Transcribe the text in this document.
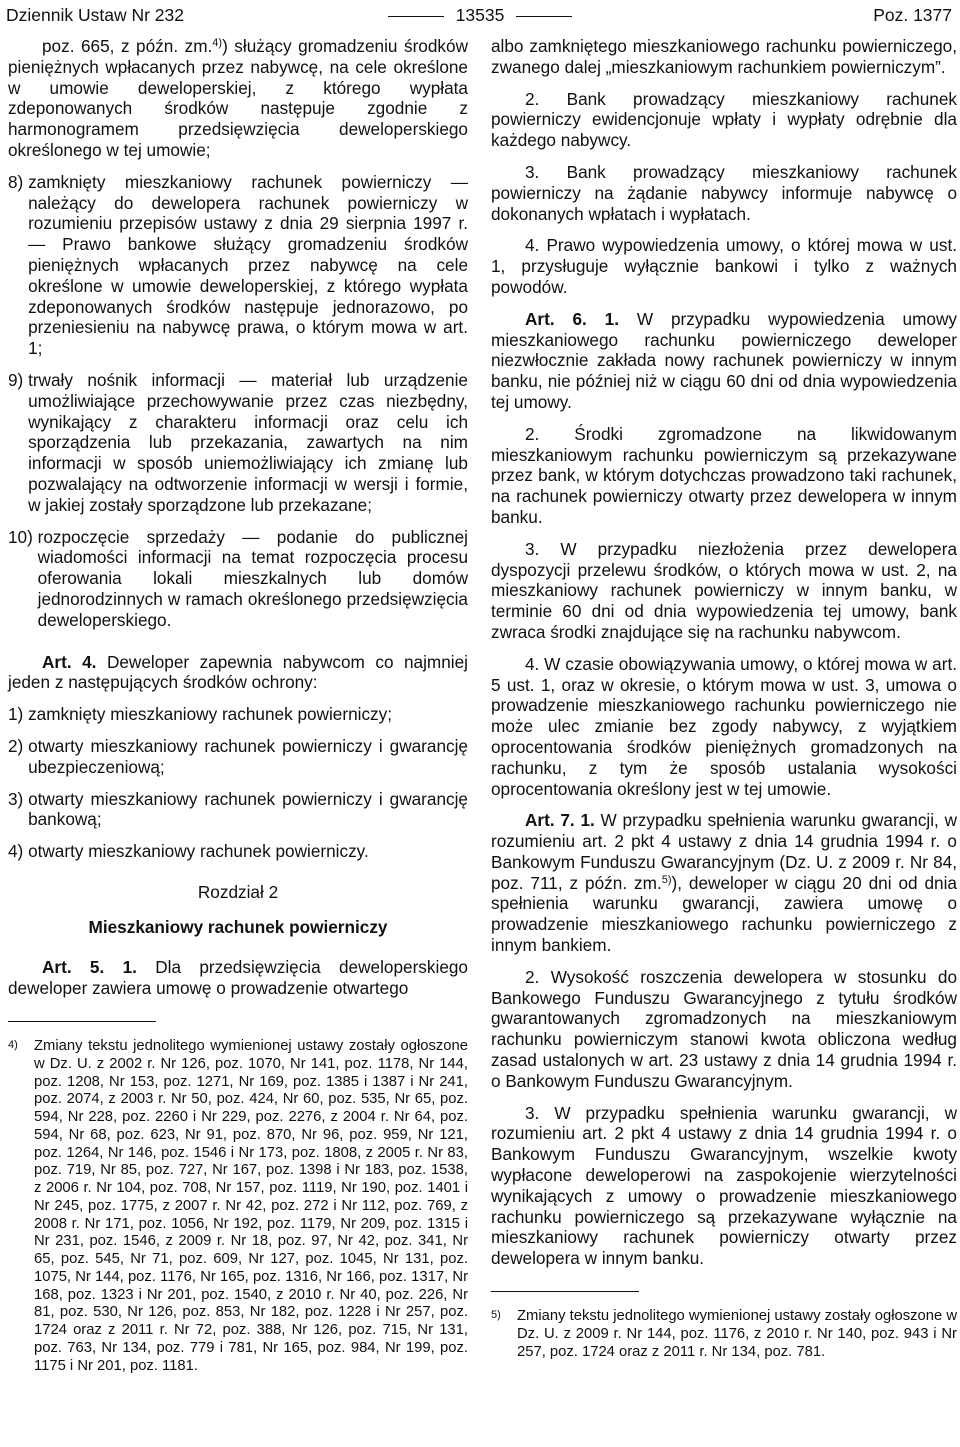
Dziennik Ustaw Nr 232	13535	Poz. 1377

poz. 665, z późn. zm.$^{4)}$) służący gromadzeniu środków pieniężnych wpłacanych przez nabywcę, na cele określone w umowie deweloperskiej, z którego wypłata zdeponowanych środków następuje zgodnie z harmonogramem przedsięwzięcia deweloperskiego określonego w tej umowie;

8) zamknięty mieszkaniowy rachunek powierniczy — należący do dewelopera rachunek powierniczy w rozumieniu przepisów ustawy z dnia 29 sierpnia 1997 r. — Prawo bankowe służący gromadzeniu środków pieniężnych wpłacanych przez nabywcę na cele określone w umowie deweloperskiej, z którego wypłata zdeponowanych środków następuje jednorazowo, po przeniesieniu na nabywcę prawa, o którym mowa w art. 1;
9) trwały nośnik informacji — materiał lub urządzenie umożliwiające przechowywanie przez czas niezbędny, wynikający z charakteru informacji oraz celu ich sporządzenia lub przekazania, zawartych na nim informacji w sposób uniemożliwiający ich zmianę lub pozwalający na odtworzenie informacji w wersji i formie, w jakiej zostały sporządzone lub przekazane;
10) rozpoczęcie sprzedaży — podanie do publicznej wiadomości informacji na temat rozpoczęcia procesu oferowania lokali mieszkalnych lub domów jednorodzinnych w ramach określonego przedsięwzięcia deweloperskiego.

Art. 4. Deweloper zapewnia nabywcom co najmniej jeden z następujących środków ochrony:

1) zamknięty mieszkaniowy rachunek powierniczy;
2) otwarty mieszkaniowy rachunek powierniczy i gwarancję ubezpieczeniową;
3) otwarty mieszkaniowy rachunek powierniczy i gwarancję bankową;
4) otwarty mieszkaniowy rachunek powierniczy.

Rozdział 2

Mieszkaniowy rachunek powierniczy

Art. 5. 1. Dla przedsięwzięcia deweloperskiego deweloper zawiera umowę o prowadzenie otwartego

4)	Zmiany tekstu jednolitego wymienionej ustawy zostały ogłoszone w Dz. U. z 2002 r. Nr 126, poz. 1070, Nr 141, poz. 1178, Nr 144, poz. 1208, Nr 153, poz. 1271, Nr 169, poz. 1385 i 1387 i Nr 241, poz. 2074, z 2003 r. Nr 50, poz. 424, Nr 60, poz. 535, Nr 65, poz. 594, Nr 228, poz. 2260 i Nr 229, poz. 2276, z 2004 r. Nr 64, poz. 594, Nr 68, poz. 623, Nr 91, poz. 870, Nr 96, poz. 959, Nr 121, poz. 1264, Nr 146, poz. 1546 i Nr 173, poz. 1808, z 2005 r. Nr 83, poz. 719, Nr 85, poz. 727, Nr 167, poz. 1398 i Nr 183, poz. 1538, z 2006 r. Nr 104, poz. 708, Nr 157, poz. 1119, Nr 190, poz. 1401 i Nr 245, poz. 1775, z 2007 r. Nr 42, poz. 272 i Nr 112, poz. 769, z 2008 r. Nr 171, poz. 1056, Nr 192, poz. 1179, Nr 209, poz. 1315 i Nr 231, poz. 1546, z 2009 r. Nr 18, poz. 97, Nr 42, poz. 341, Nr 65, poz. 545, Nr 71, poz. 609, Nr 127, poz. 1045, Nr 131, poz. 1075, Nr 144, poz. 1176, Nr 165, poz. 1316, Nr 166, poz. 1317, Nr 168, poz. 1323 i Nr 201, poz. 1540, z 2010 r. Nr 40, poz. 226, Nr 81, poz. 530, Nr 126, poz. 853, Nr 182, poz. 1228 i Nr 257, poz. 1724 oraz z 2011 r. Nr 72, poz. 388, Nr 126, poz. 715, Nr 131, poz. 763, Nr 134, poz. 779 i 781, Nr 165, poz. 984, Nr 199, poz. 1175 i Nr 201, poz. 1181.

albo zamkniętego mieszkaniowego rachunku powierniczego, zwanego dalej „mieszkaniowym rachunkiem powierniczym”.

2. Bank prowadzący mieszkaniowy rachunek powierniczy ewidencjonuje wpłaty i wypłaty odrębnie dla każdego nabywcy.

3. Bank prowadzący mieszkaniowy rachunek powierniczy na żądanie nabywcy informuje nabywcę o dokonanych wpłatach i wypłatach.

4. Prawo wypowiedzenia umowy, o której mowa w ust. 1, przysługuje wyłącznie bankowi i tylko z ważnych powodów.

Art. 6. 1. W przypadku wypowiedzenia umowy mieszkaniowego rachunku powierniczego deweloper niezwłocznie zakłada nowy rachunek powierniczy w innym banku, nie później niż w ciągu 60 dni od dnia wypowiedzenia tej umowy.

2. Środki zgromadzone na likwidowanym mieszkaniowym rachunku powierniczym są przekazywane przez bank, w którym dotychczas prowadzono taki rachunek, na rachunek powierniczy otwarty przez dewelopera w innym banku.

3. W przypadku niezłożenia przez dewelopera dyspozycji przelewu środków, o których mowa w ust. 2, na mieszkaniowy rachunek powierniczy w innym banku, w terminie 60 dni od dnia wypowiedzenia tej umowy, bank zwraca środki znajdujące się na rachunku nabywcom.

4. W czasie obowiązywania umowy, o której mowa w art. 5 ust. 1, oraz w okresie, o którym mowa w ust. 3, umowa o prowadzenie mieszkaniowego rachunku powierniczego nie może ulec zmianie bez zgody nabywcy, z wyjątkiem oprocentowania środków pieniężnych gromadzonych na rachunku, z tym że sposób ustalania wysokości oprocentowania określony jest w tej umowie.

Art. 7. 1. W przypadku spełnienia warunku gwarancji, w rozumieniu art. 2 pkt 4 ustawy z dnia 14 grudnia 1994 r. o Bankowym Funduszu Gwarancyjnym (Dz. U. z 2009 r. Nr 84, poz. 711, z późn. zm.$^{5)}$), deweloper w ciągu 20 dni od dnia spełnienia warunku gwarancji, zawiera umowę o prowadzenie mieszkaniowego rachunku powierniczego z innym bankiem.

2. Wysokość roszczenia dewelopera w stosunku do Bankowego Funduszu Gwarancyjnego z tytułu środków gwarantowanych zgromadzonych na mieszkaniowym rachunku powierniczym stanowi kwota obliczona według zasad ustalonych w art. 23 ustawy z dnia 14 grudnia 1994 r. o Bankowym Funduszu Gwarancyjnym.

3. W przypadku spełnienia warunku gwarancji, w rozumieniu art. 2 pkt 4 ustawy z dnia 14 grudnia 1994 r. o Bankowym Funduszu Gwarancyjnym, wszelkie kwoty wypłacone deweloperowi na zaspokojenie wierzytelności wynikających z umowy o prowadzenie mieszkaniowego rachunku powierniczego są przekazywane wyłącznie na mieszkaniowy rachunek powierniczy otwarty przez dewelopera w innym banku.

5)	Zmiany tekstu jednolitego wymienionej ustawy zostały ogłoszone w Dz. U. z 2009 r. Nr 144, poz. 1176, z 2010 r. Nr 140, poz. 943 i Nr 257, poz. 1724 oraz z 2011 r. Nr 134, poz. 781.
